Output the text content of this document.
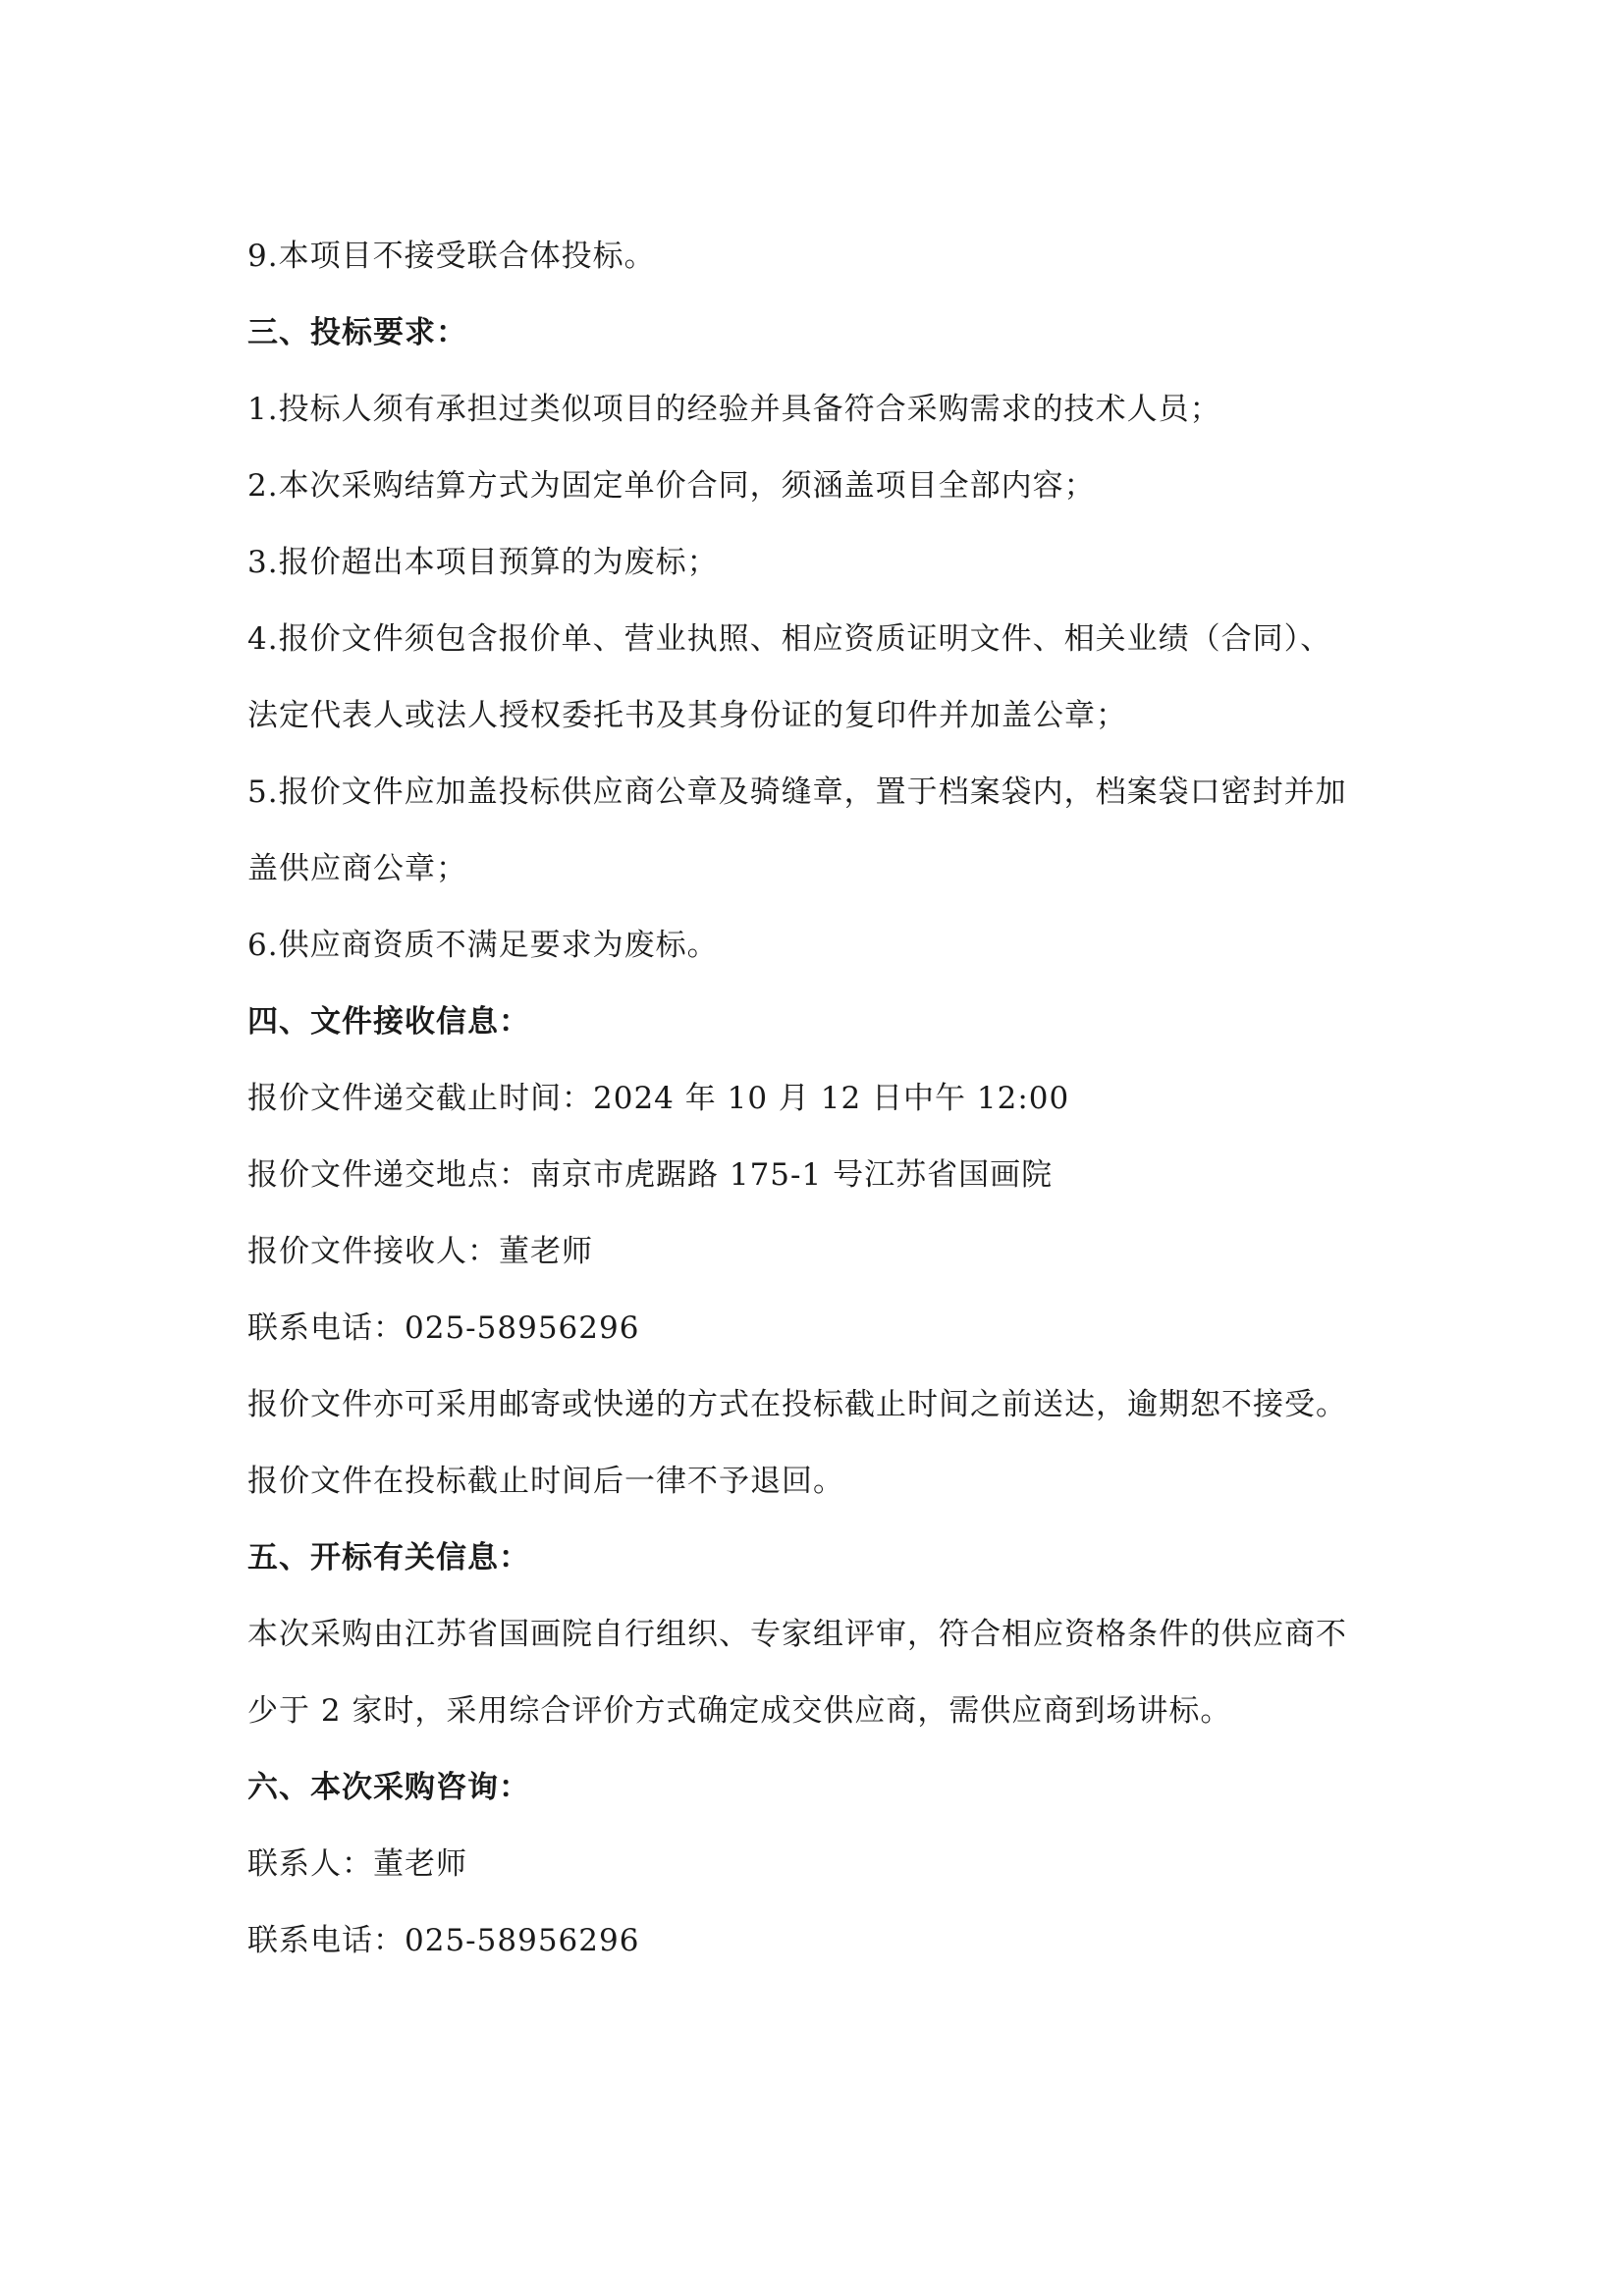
9.本项目不接受联合体投标。
三、投标要求：
1.投标人须有承担过类似项目的经验并具备符合采购需求的技术人员；
2.本次采购结算方式为固定单价合同，须涵盖项目全部内容；
3.报价超出本项目预算的为废标；
4.报价文件须包含报价单、营业执照、相应资质证明文件、相关业绩（合同）、
法定代表人或法人授权委托书及其身份证的复印件并加盖公章；
5.报价文件应加盖投标供应商公章及骑缝章，置于档案袋内，档案袋口密封并加
盖供应商公章；
6.供应商资质不满足要求为废标。
四、文件接收信息：
报价文件递交截止时间：2024 年 10 月 12 日中午 12:00
报价文件递交地点：南京市虎踞路 175-1 号江苏省国画院
报价文件接收人：董老师
联系电话：025-58956296
报价文件亦可采用邮寄或快递的方式在投标截止时间之前送达，逾期恕不接受。
报价文件在投标截止时间后一律不予退回。
五、开标有关信息：
本次采购由江苏省国画院自行组织、专家组评审，符合相应资格条件的供应商不
少于 2 家时，采用综合评价方式确定成交供应商，需供应商到场讲标。
六、本次采购咨询：
联系人：董老师
联系电话：025-58956296
